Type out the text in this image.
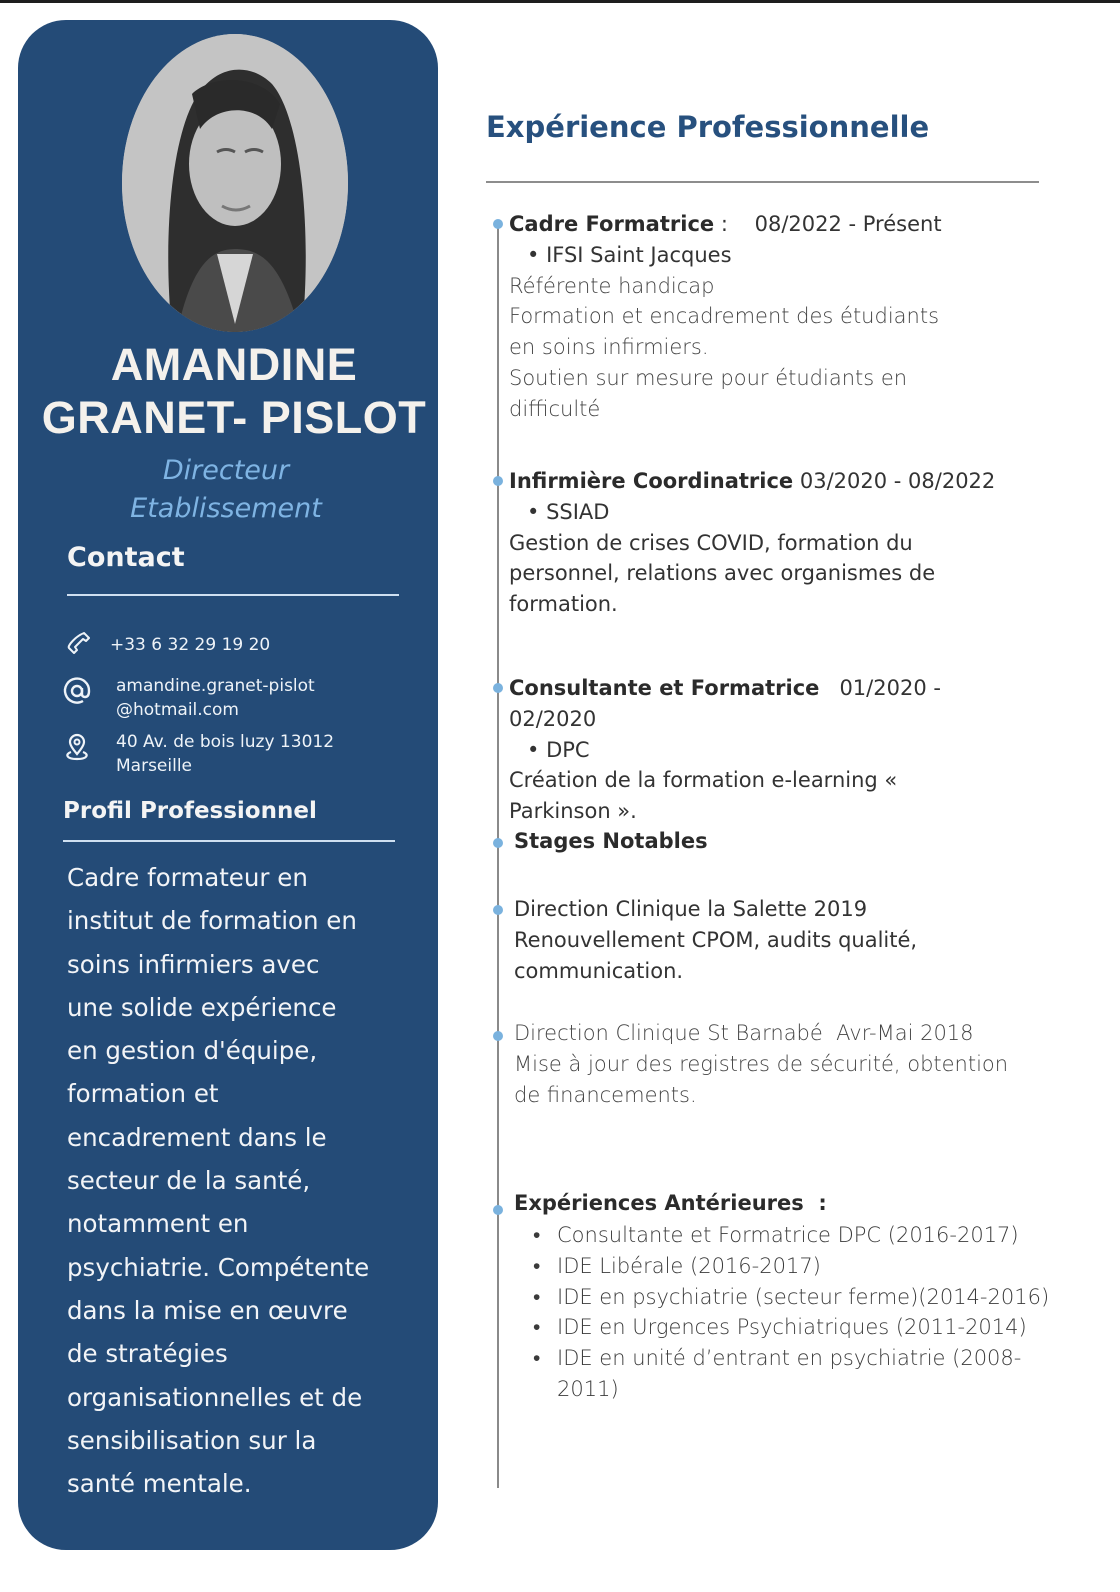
AMANDINE
GRANET- PISLOT
Directeur
Etablissement
Contact
+33 6 32 29 19 20
amandine.granet-pislot
@hotmail.com
40 Av. de bois luzy 13012
Marseille
Profil Professionnel
Cadre formateur en
institut de formation en
soins infirmiers avec
une solide expérience
en gestion d'équipe,
formation et
encadrement dans le
secteur de la santé,
notamment en
psychiatrie. Compétente
dans la mise en œuvre
de stratégies
organisationnelles et de
sensibilisation sur la
santé mentale.
Expérience Professionnelle
Cadre Formatrice :    08/2022 - Présent
• IFSI Saint Jacques
Référente handicap
Formation et encadrement des étudiants
en soins infirmiers.
Soutien sur mesure pour étudiants en
difficulté
Infirmière Coordinatrice 03/2020 - 08/2022
• SSIAD
Gestion de crises COVID, formation du
personnel, relations avec organismes de
formation.
Consultante et Formatrice 01/2020 - 02/2020
• DPC
Création de la formation e-learning «
Parkinson ».
Stages Notables
Direction Clinique la Salette 2019
Renouvellement CPOM, audits qualité,
communication.
Direction Clinique St Barnabé  Avr-Mai 2018
Mise à jour des registres de sécurité, obtention
de financements.
Expériences Antérieures  :
• Consultante et Formatrice DPC (2016-2017)
• IDE Libérale (2016-2017)
• IDE en psychiatrie (secteur ferme)(2014-2016)
• IDE en Urgences Psychiatriques (2011-2014)
• IDE en unité d’entrant en psychiatrie (2008-2011)
